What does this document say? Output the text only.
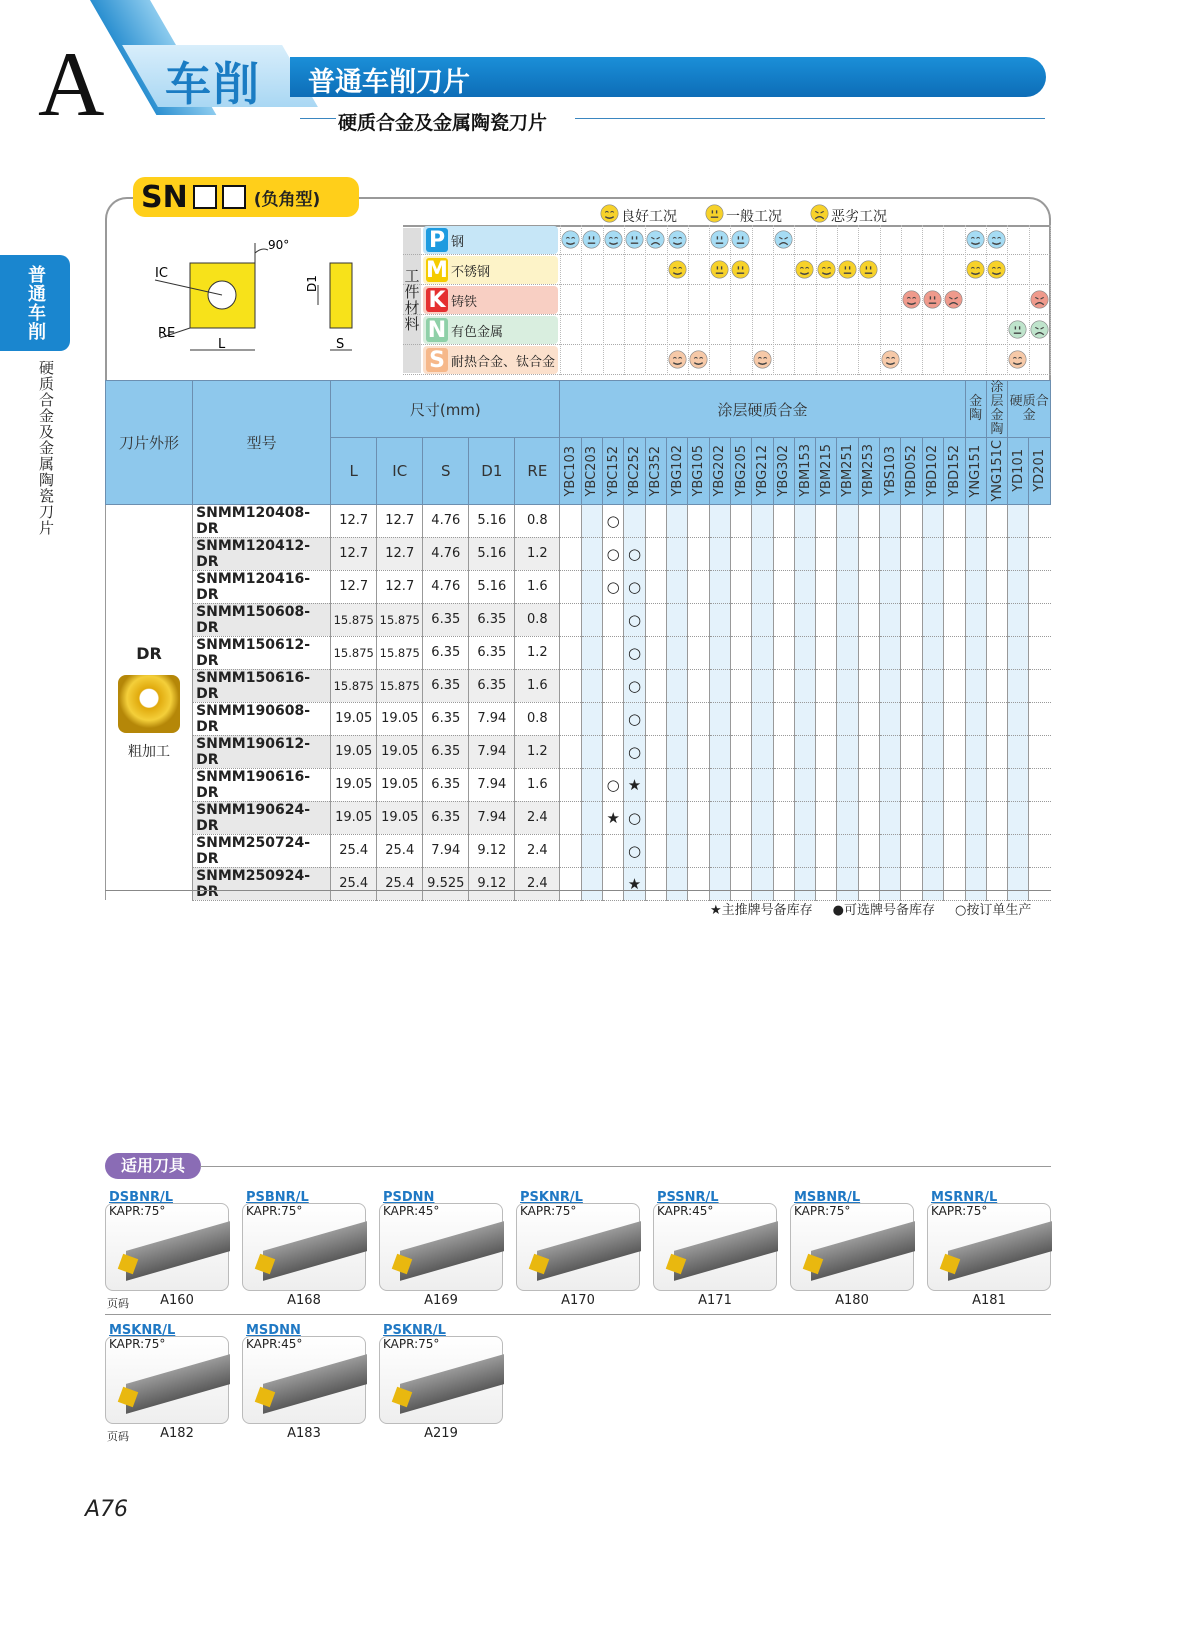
A 车削 普通车削刀片
硬质合金及金属陶瓷刀片
普通车削
硬质合金及金属陶瓷刀片
SN	(负角型)
90°
IC
RE
L
D1
S
良好工况	一般工况	恶劣工况
工件材料
P 钢
M 不锈钢
K 铸铁
N 有色金属
S 耐热合金、钛合金
刀片外形	型号	尺寸(mm)					涂层硬质合金																			金陶	涂层金陶	硬质合金	
		L	IC	S	D1	RE	YBC103	YBC203	YBC152	YBC252	YBC352	YBG102	YBG105	YBG202	YBG205	YBG212	YBG302	YBM153	YBM215	YBM251	YBM253	YBS103	YBD052	YBD102	YBD152	YNG151	YNG151C	YD101	YD201

DR
粗加工	SNMM120408-DR	12.7	12.7	4.76	5.16	0.8			○																				
	SNMM120412-DR	12.7	12.7	4.76	5.16	1.2			○	○																			
	SNMM120416-DR	12.7	12.7	4.76	5.16	1.6			○	○																			
	SNMM150608-DR	15.875	15.875	6.35	6.35	0.8				○																			
	SNMM150612-DR	15.875	15.875	6.35	6.35	1.2				○																			
	SNMM150616-DR	15.875	15.875	6.35	6.35	1.6				○																			
	SNMM190608-DR	19.05	19.05	6.35	7.94	0.8				○																			
	SNMM190612-DR	19.05	19.05	6.35	7.94	1.2				○																			
	SNMM190616-DR	19.05	19.05	6.35	7.94	1.6			○	★																			
	SNMM190624-DR	19.05	19.05	6.35	7.94	2.4			★	○																			
	SNMM250724-DR	25.4	25.4	7.94	9.12	2.4				○																			
	SNMM250924-DR	25.4	25.4	9.525	9.12	2.4				★																			
★主推牌号备库存 ●可选牌号备库存 ○按订单生产
适用刀具
页码
DSBNR/L
KAPR:75°
A160
PSBNR/L
KAPR:75°
A168
PSDNN
KAPR:45°
A169
PSKNR/L
KAPR:75°
A170
PSSNR/L
KAPR:45°
A171
MSBNR/L
KAPR:75°
A180
MSRNR/L
KAPR:75°
A181
页码
MSKNR/L
KAPR:75°
A182
MSDNN
KAPR:45°
A183
PSKNR/L
KAPR:75°
A219
A76
